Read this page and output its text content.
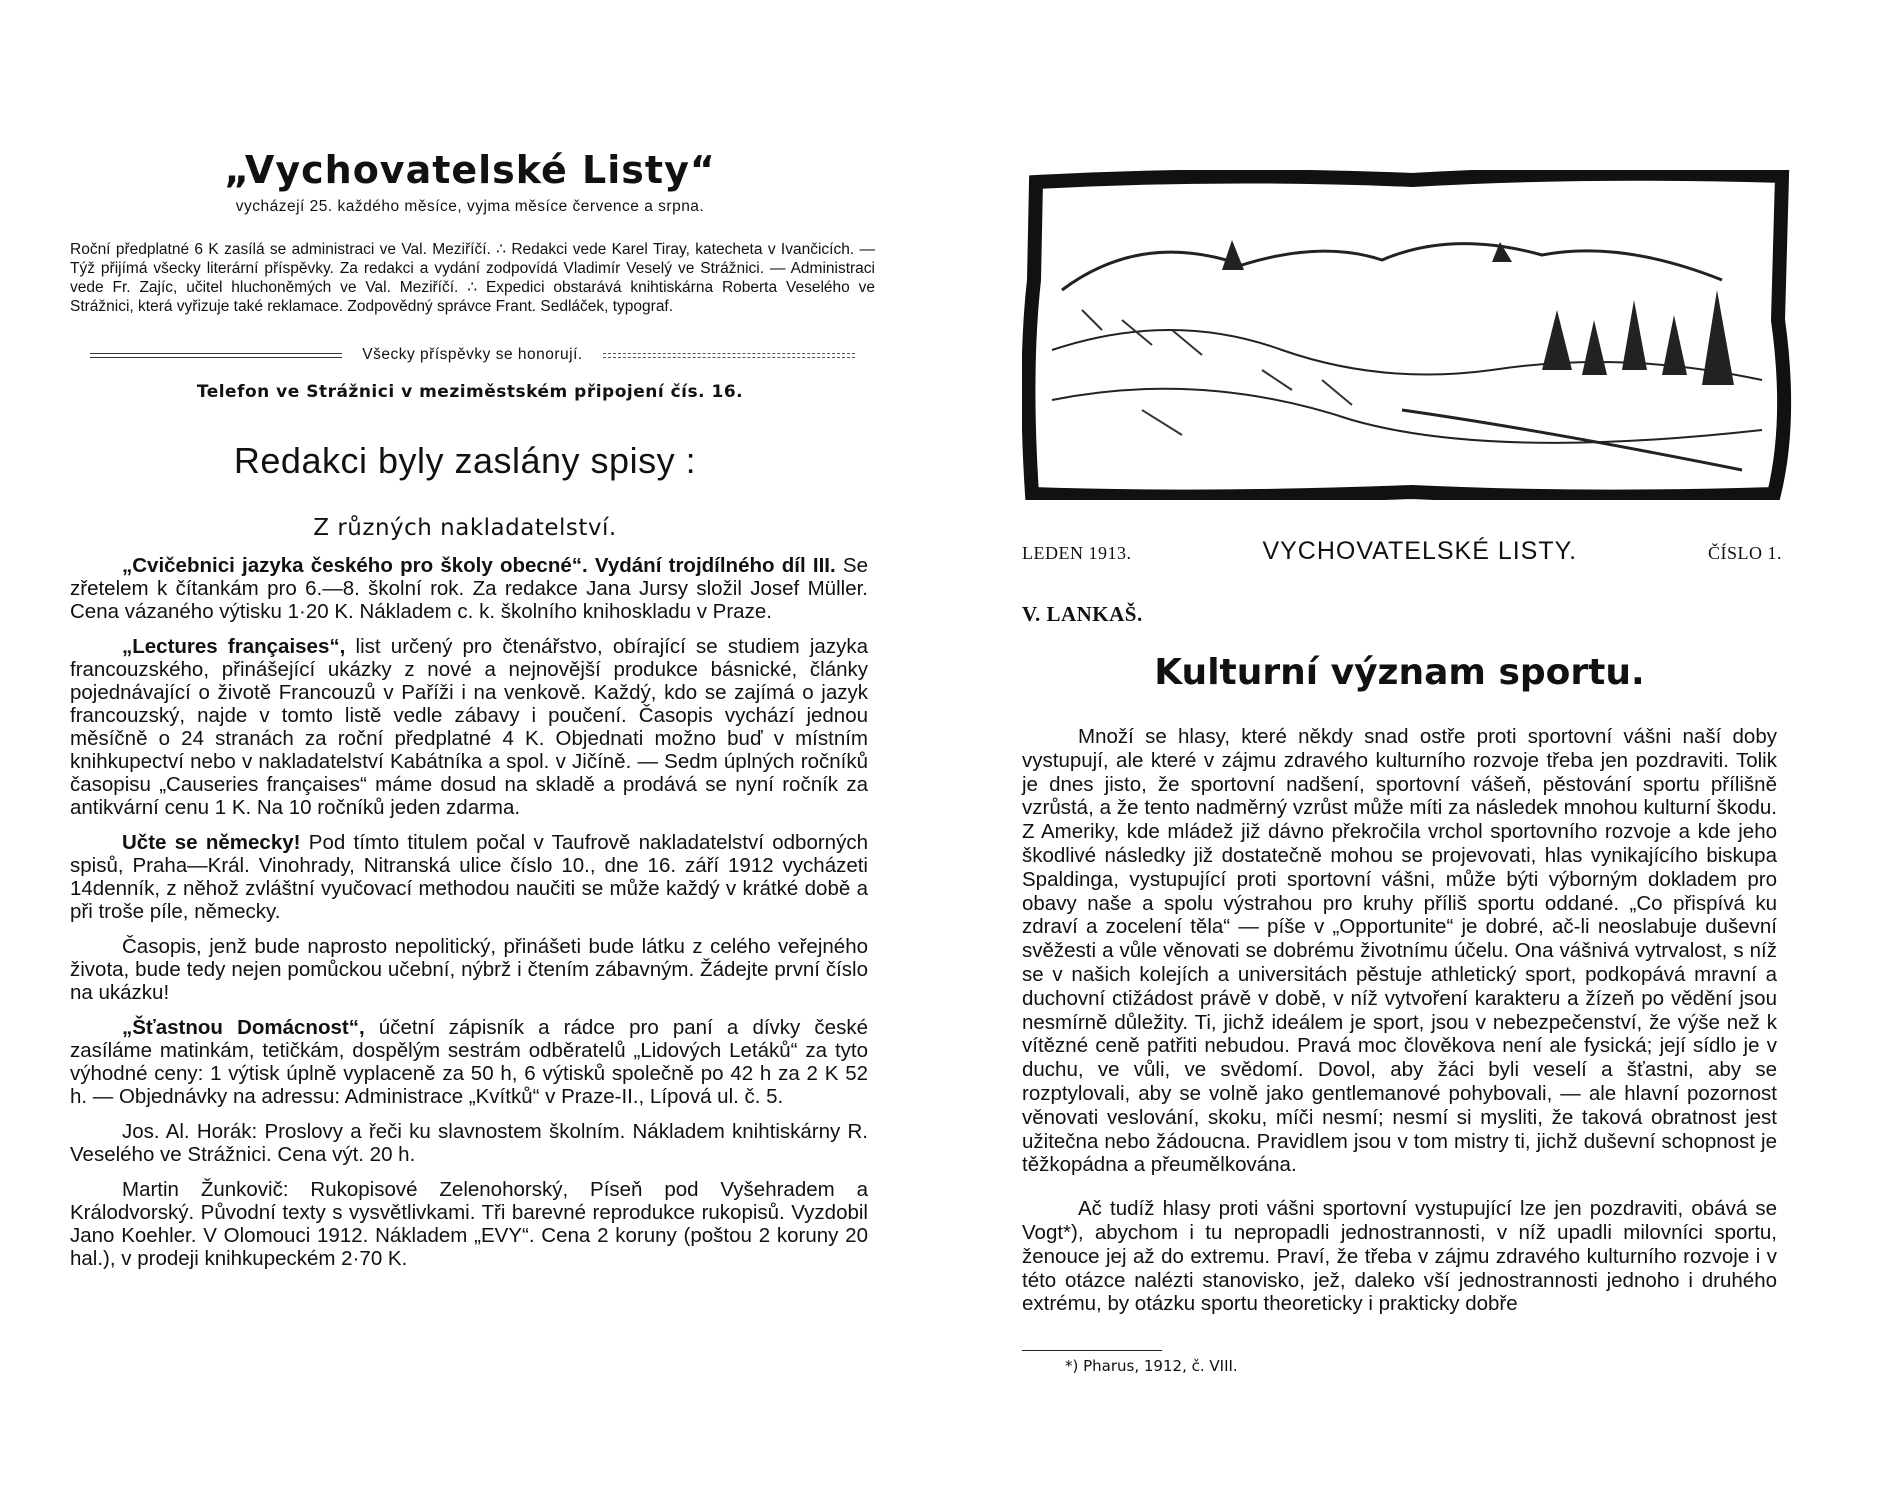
„Vychovatelské Listy“
vycházejí 25. každého měsíce, vyjma měsíce července a srpna.
Roční předplatné 6 K zasílá se administraci ve Val. Meziříčí. ∴ Redakci vede Karel Tiray, katecheta v Ivančicích. — Týž přijímá všecky literární příspěvky. Za redakci a vydání zodpovídá Vladimír Veselý ve Strážnici. — Administraci vede Fr. Zajíc, učitel hluchoněmých ve Val. Meziříčí. ∴ Expedici obstarává knihtiskárna Roberta Veselého ve Strážnici, která vyřizuje také reklamace. Zodpovědný správce Frant. Sedláček, typograf.
Všecky příspěvky se honorují.
Telefon ve Strážnici v meziměstském připojení čís. 16.
Redakci byly zaslány spisy :
Z různých nakladatelství.

„Cvičebnici jazyka českého pro školy obecné“. Vydání trojdílného díl III. Se zřetelem k čítankám pro 6.—8. školní rok. Za redakce Jana Jursy složil Josef Müller. Cena vázaného výtisku 1·20 K. Nákladem c. k. školního knihoskladu v Praze.

„Lectures françaises“, list určený pro čtenářstvo, obírající se studiem jazyka francouzského, přinášející ukázky z nové a nejnovější produkce básnické, články pojednávající o životě Francouzů v Paříži i na venkově. Každý, kdo se zajímá o jazyk francouzský, najde v tomto listě vedle zábavy i poučení. Časopis vychází jednou měsíčně o 24 stranách za roční předplatné 4 K. Objednati možno buď v místním knihkupectví nebo v nakladatelství Kabátníka a spol. v Jičíně. — Sedm úplných ročníků časopisu „Causeries françaises“ máme dosud na skladě a prodává se nyní ročník za antikvární cenu 1 K. Na 10 ročníků jeden zdarma.

Učte se německy! Pod tímto titulem počal v Taufrově nakladatelství odborných spisů, Praha—Král. Vinohrady, Nitranská ulice číslo 10., dne 16. září 1912 vycházeti 14denník, z něhož zvláštní vyučovací methodou naučiti se může každý v krátké době a při troše píle, německy.

Časopis, jenž bude naprosto nepolitický, přinášeti bude látku z celého veřejného života, bude tedy nejen pomůckou učební, nýbrž i čtením zábavným. Žádejte první číslo na ukázku!

„Šťastnou Domácnost“, účetní zápisník a rádce pro paní a dívky české zasíláme matinkám, tetičkám, dospělým sestrám odběratelů „Lidových Letáků“ za tyto výhodné ceny: 1 výtisk úplně vyplaceně za 50 h, 6 výtisků společně po 42 h za 2 K 52 h. — Objednávky na adressu: Administrace „Kvítků“ v Praze-II., Lípová ul. č. 5.

Jos. Al. Horák: Proslovy a řeči ku slavnostem školním. Nákladem knihtiskárny R. Veselého ve Strážnici. Cena výt. 20 h.

Martin Žunkovič: Rukopisové Zelenohorský, Píseň pod Vyšehradem a Králodvorský. Původní texty s vysvětlivkami. Tři barevné reprodukce rukopisů. Vyzdobil Jano Koehler. V Olomouci 1912. Nákladem „EVY“. Cena 2 koruny (poštou 2 koruny 20 hal.), v prodeji knihkupeckém 2·70 K.

LEDEN 1913.	VYCHOVATELSKÉ LISTY.	ČÍSLO 1.
V. LANKAŠ.
Kulturní význam sportu.

Množí se hlasy, které někdy snad ostře proti sportovní vášni naší doby vystupují, ale které v zájmu zdravého kulturního rozvoje třeba jen pozdraviti. Tolik je dnes jisto, že sportovní nadšení, sportovní vášeň, pěstování sportu přílišně vzrůstá, a že tento nadměrný vzrůst může míti za následek mnohou kulturní škodu. Z Ameriky, kde mládež již dávno překročila vrchol sportovního rozvoje a kde jeho škodlivé následky již dostatečně mohou se projevovati, hlas vynikajícího biskupa Spaldinga, vystupující proti sportovní vášni, může býti výborným dokladem pro obavy naše a spolu výstrahou pro kruhy příliš sportu oddané. „Co přispívá ku zdraví a zocelení těla“ — píše v „Opportunite“ je dobré, ač-li neoslabuje duševní svěžesti a vůle věnovati se dobrému životnímu účelu. Ona vášnivá vytrvalost, s níž se v našich kolejích a universitách pěstuje athletický sport, podkopává mravní a duchovní ctižádost právě v době, v níž vytvoření karakteru a žízeň po vědění jsou nesmírně důležity. Ti, jichž ideálem je sport, jsou v nebezpečenství, že výše než k vítězné ceně patřiti nebudou. Pravá moc člověkova není ale fysická; její sídlo je v duchu, ve vůli, ve svědomí. Dovol, aby žáci byli veselí a šťastni, aby se rozptylovali, aby se volně jako gentlemanové pohybovali, — ale hlavní pozornost věnovati veslování, skoku, míči nesmí; nesmí si mysliti, že taková obratnost jest užitečna nebo žádoucna. Pravidlem jsou v tom mistry ti, jichž duševní schopnost je těžkopádna a přeumělkována.

Ač tudíž hlasy proti vášni sportovní vystupující lze jen pozdraviti, obává se Vogt*), abychom i tu nepropadli jednostrannosti, v níž upadli milovníci sportu, ženouce jej až do extremu. Praví, že třeba v zájmu zdravého kulturního rozvoje i v této otázce nalézti stanovisko, jež, daleko vší jednostrannosti jednoho i druhého extrému, by otázku sportu theoreticky i prakticky dobře

*) Pharus, 1912, č. VIII.
